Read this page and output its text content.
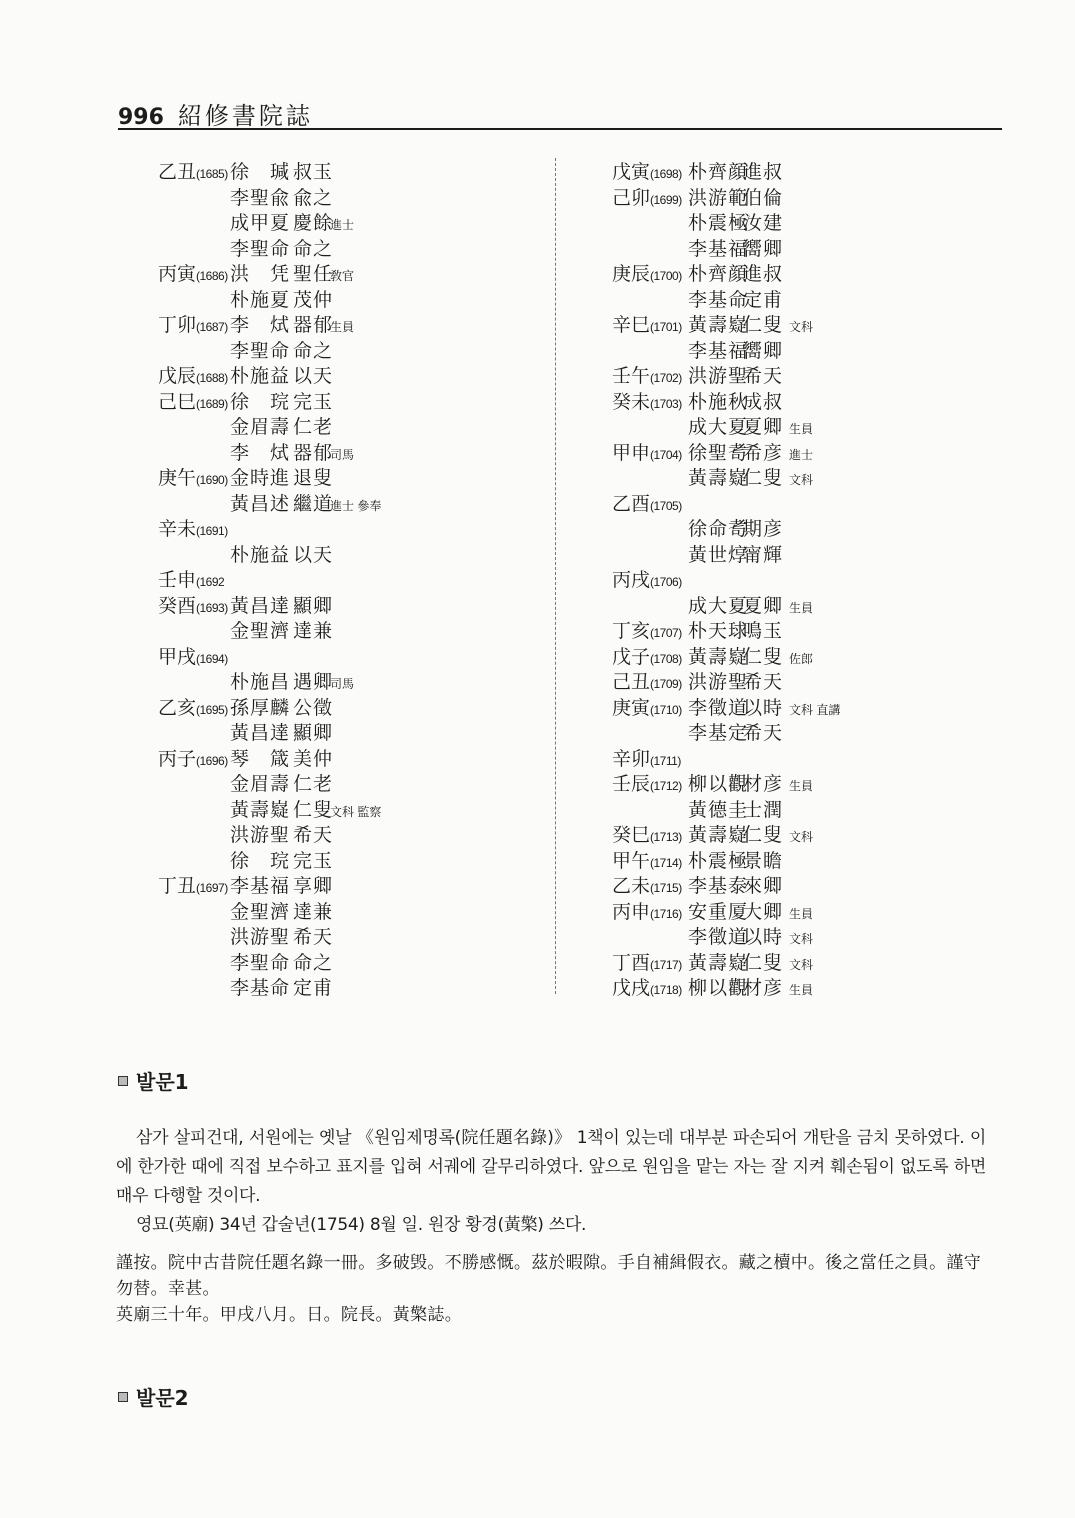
996 紹修書院誌
乙丑(1685) 徐　瑊 叔玉
李聖兪 兪之
成甲夏 慶餘
進士
李聖命 命之
丙寅(1686) 洪　凭 聖任
敎官
朴施夏 茂仲
丁卯(1687) 李　烒 器郁
生員
李聖命 命之
戊辰(1688) 朴施益 以天
己巳(1689) 徐　琓 完玉
金眉壽 仁老
李　烒 器郁
司馬
庚午(1690) 金時進 退叟
黃昌述 繼道
進士 參奉
辛未(1691)
朴施益 以天
壬申(1692
癸酉(1693) 黃昌達 顯卿
金聖濟 達兼
甲戌(1694)
朴施昌 遇卿
司馬
乙亥(1695) 孫厚麟 公徵
黃昌達 顯卿
丙子(1696) 琴　箴 美仲
金眉壽 仁老
黃壽嶷 仁叟
文科 監察
洪游聖 希天
徐　琓 完玉
丁丑(1697) 李基福 享卿
金聖濟 達兼
洪游聖 希天
李聖命 命之
李基命 定甫
戊寅(1698) 朴齊顔
進叔
己卯(1699) 洪游範
伯倫
朴震極
汝建
李基福
嚮卿
庚辰(1700) 朴齊顔
進叔
李基命
定甫
辛巳(1701) 黃壽嶷
仁叟 文科
李基福
嚮卿
壬午(1702) 洪游聖
希天
癸未(1703) 朴施秋
成叔
成大夏
夏卿 生員
甲申(1704) 徐聖耉
希彦 進士
黃壽嶷
仁叟 文科
乙酉(1705)
徐命耉
期彦
黃世焞
甯輝
丙戌(1706)
成大夏
夏卿 生員
丁亥(1707) 朴天球
鳴玉
戊子(1708) 黃壽嶷
仁叟 佐郎
己丑(1709) 洪游聖
希天
庚寅(1710) 李徵道
以時 文科 直講
李基定
希天
辛卯(1711)
壬辰(1712) 柳以觀
材彦 生員
黃德圭
士潤
癸巳(1713) 黃壽嶷
仁叟 文科
甲午(1714) 朴震極
景瞻
乙未(1715) 李基泰
來卿
丙申(1716) 安重厦
大卿 生員
李徵道
以時 文科
丁酉(1717) 黃壽嶷
仁叟 文科
戊戌(1718) 柳以觀
材彦 生員
발문1

삼가 살피건대, 서원에는 옛날 《원임제명록(院任題名錄)》 1책이 있는데 대부분 파손되어 개탄을 금치 못하였다. 이에 한가한 때에 직접 보수하고 표지를 입혀 서궤에 갈무리하였다. 앞으로 원임을 맡는 자는 잘 지켜 훼손됨이 없도록 하면 매우 다행할 것이다.

영묘(英廟) 34년 갑술년(1754) 8월 일. 원장 황경(黃檠) 쓰다.

謹按。院中古昔院任題名錄一冊。多破毁。不勝感慨。茲於暇隙。手自補緝假衣。藏之櫝中。後之當任之員。謹守勿替。幸甚。

英廟三十年。甲戌八月。日。院長。黃檠誌。

발문2
